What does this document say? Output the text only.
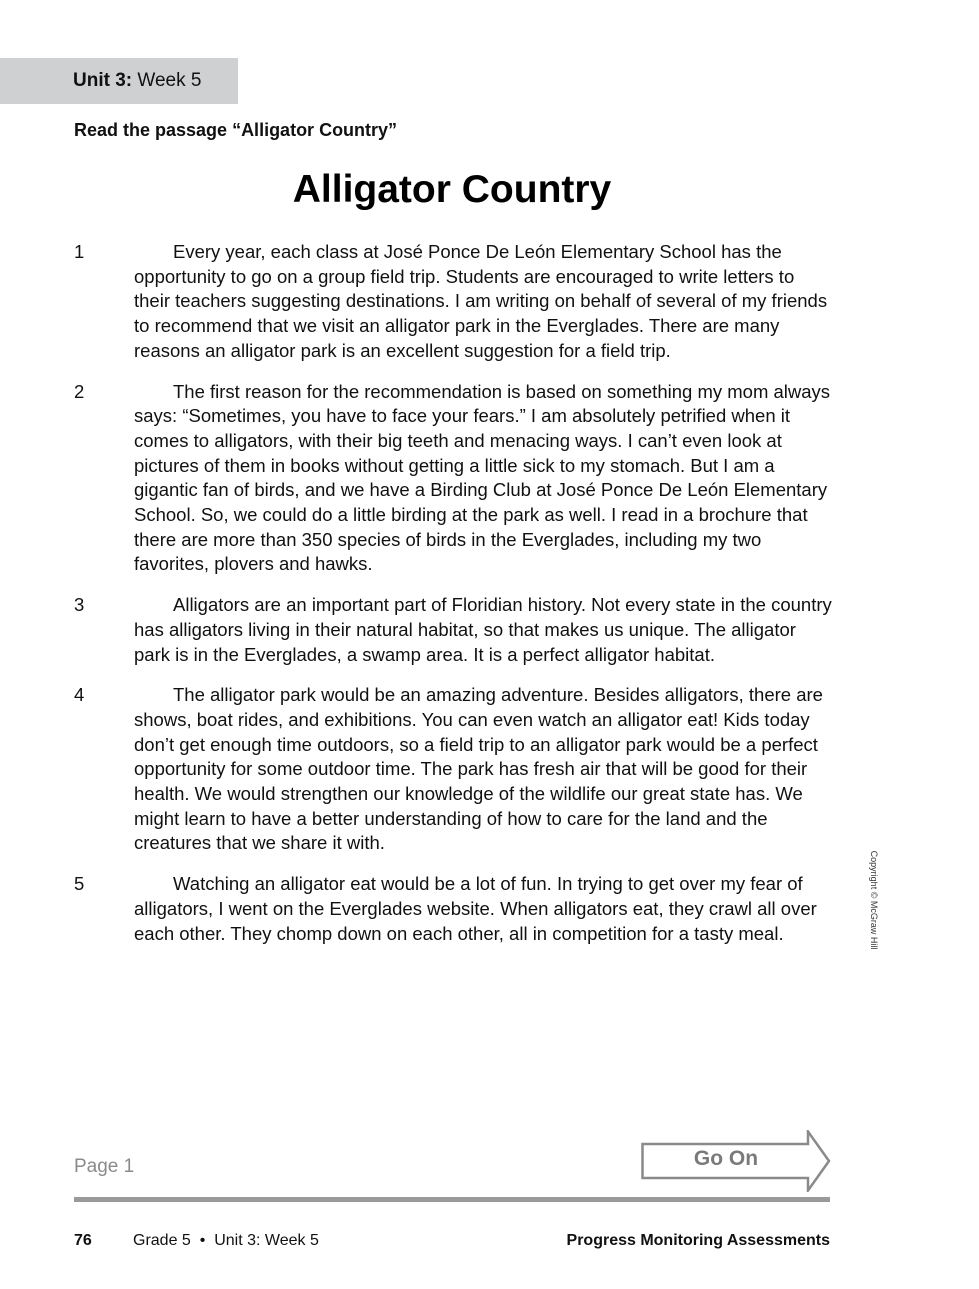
Unit 3: Week 5
Read the passage “Alligator Country”
Alligator Country
1	Every year, each class at José Ponce De León Elementary School has the opportunity to go on a group field trip. Students are encouraged to write letters to their teachers suggesting destinations. I am writing on behalf of several of my friends to recommend that we visit an alligator park in the Everglades. There are many reasons an alligator park is an excellent suggestion for a field trip.
2	The first reason for the recommendation is based on something my mom always says: “Sometimes, you have to face your fears.” I am absolutely petrified when it comes to alligators, with their big teeth and menacing ways. I can’t even look at pictures of them in books without getting a little sick to my stomach. But I am a gigantic fan of birds, and we have a Birding Club at José Ponce De León Elementary School. So, we could do a little birding at the park as well. I read in a brochure that there are more than 350 species of birds in the Everglades, including my two favorites, plovers and hawks.
3	Alligators are an important part of Floridian history. Not every state in the country has alligators living in their natural habitat, so that makes us unique. The alligator park is in the Everglades, a swamp area. It is a perfect alligator habitat.
4	The alligator park would be an amazing adventure. Besides alligators, there are shows, boat rides, and exhibitions. You can even watch an alligator eat! Kids today don’t get enough time outdoors, so a field trip to an alligator park would be a perfect opportunity for some outdoor time. The park has fresh air that will be good for their health. We would strengthen our knowledge of the wildlife our great state has. We might learn to have a better understanding of how to care for the land and the creatures that we share it with.
5	Watching an alligator eat would be a lot of fun. In trying to get over my fear of alligators, I went on the Everglades website. When alligators eat, they crawl all over each other. They chomp down on each other, all in competition for a tasty meal.	Copyright © McGraw Hill
Page 1	Go On
76	Grade 5  •  Unit 3: Week 5	Progress Monitoring Assessments
